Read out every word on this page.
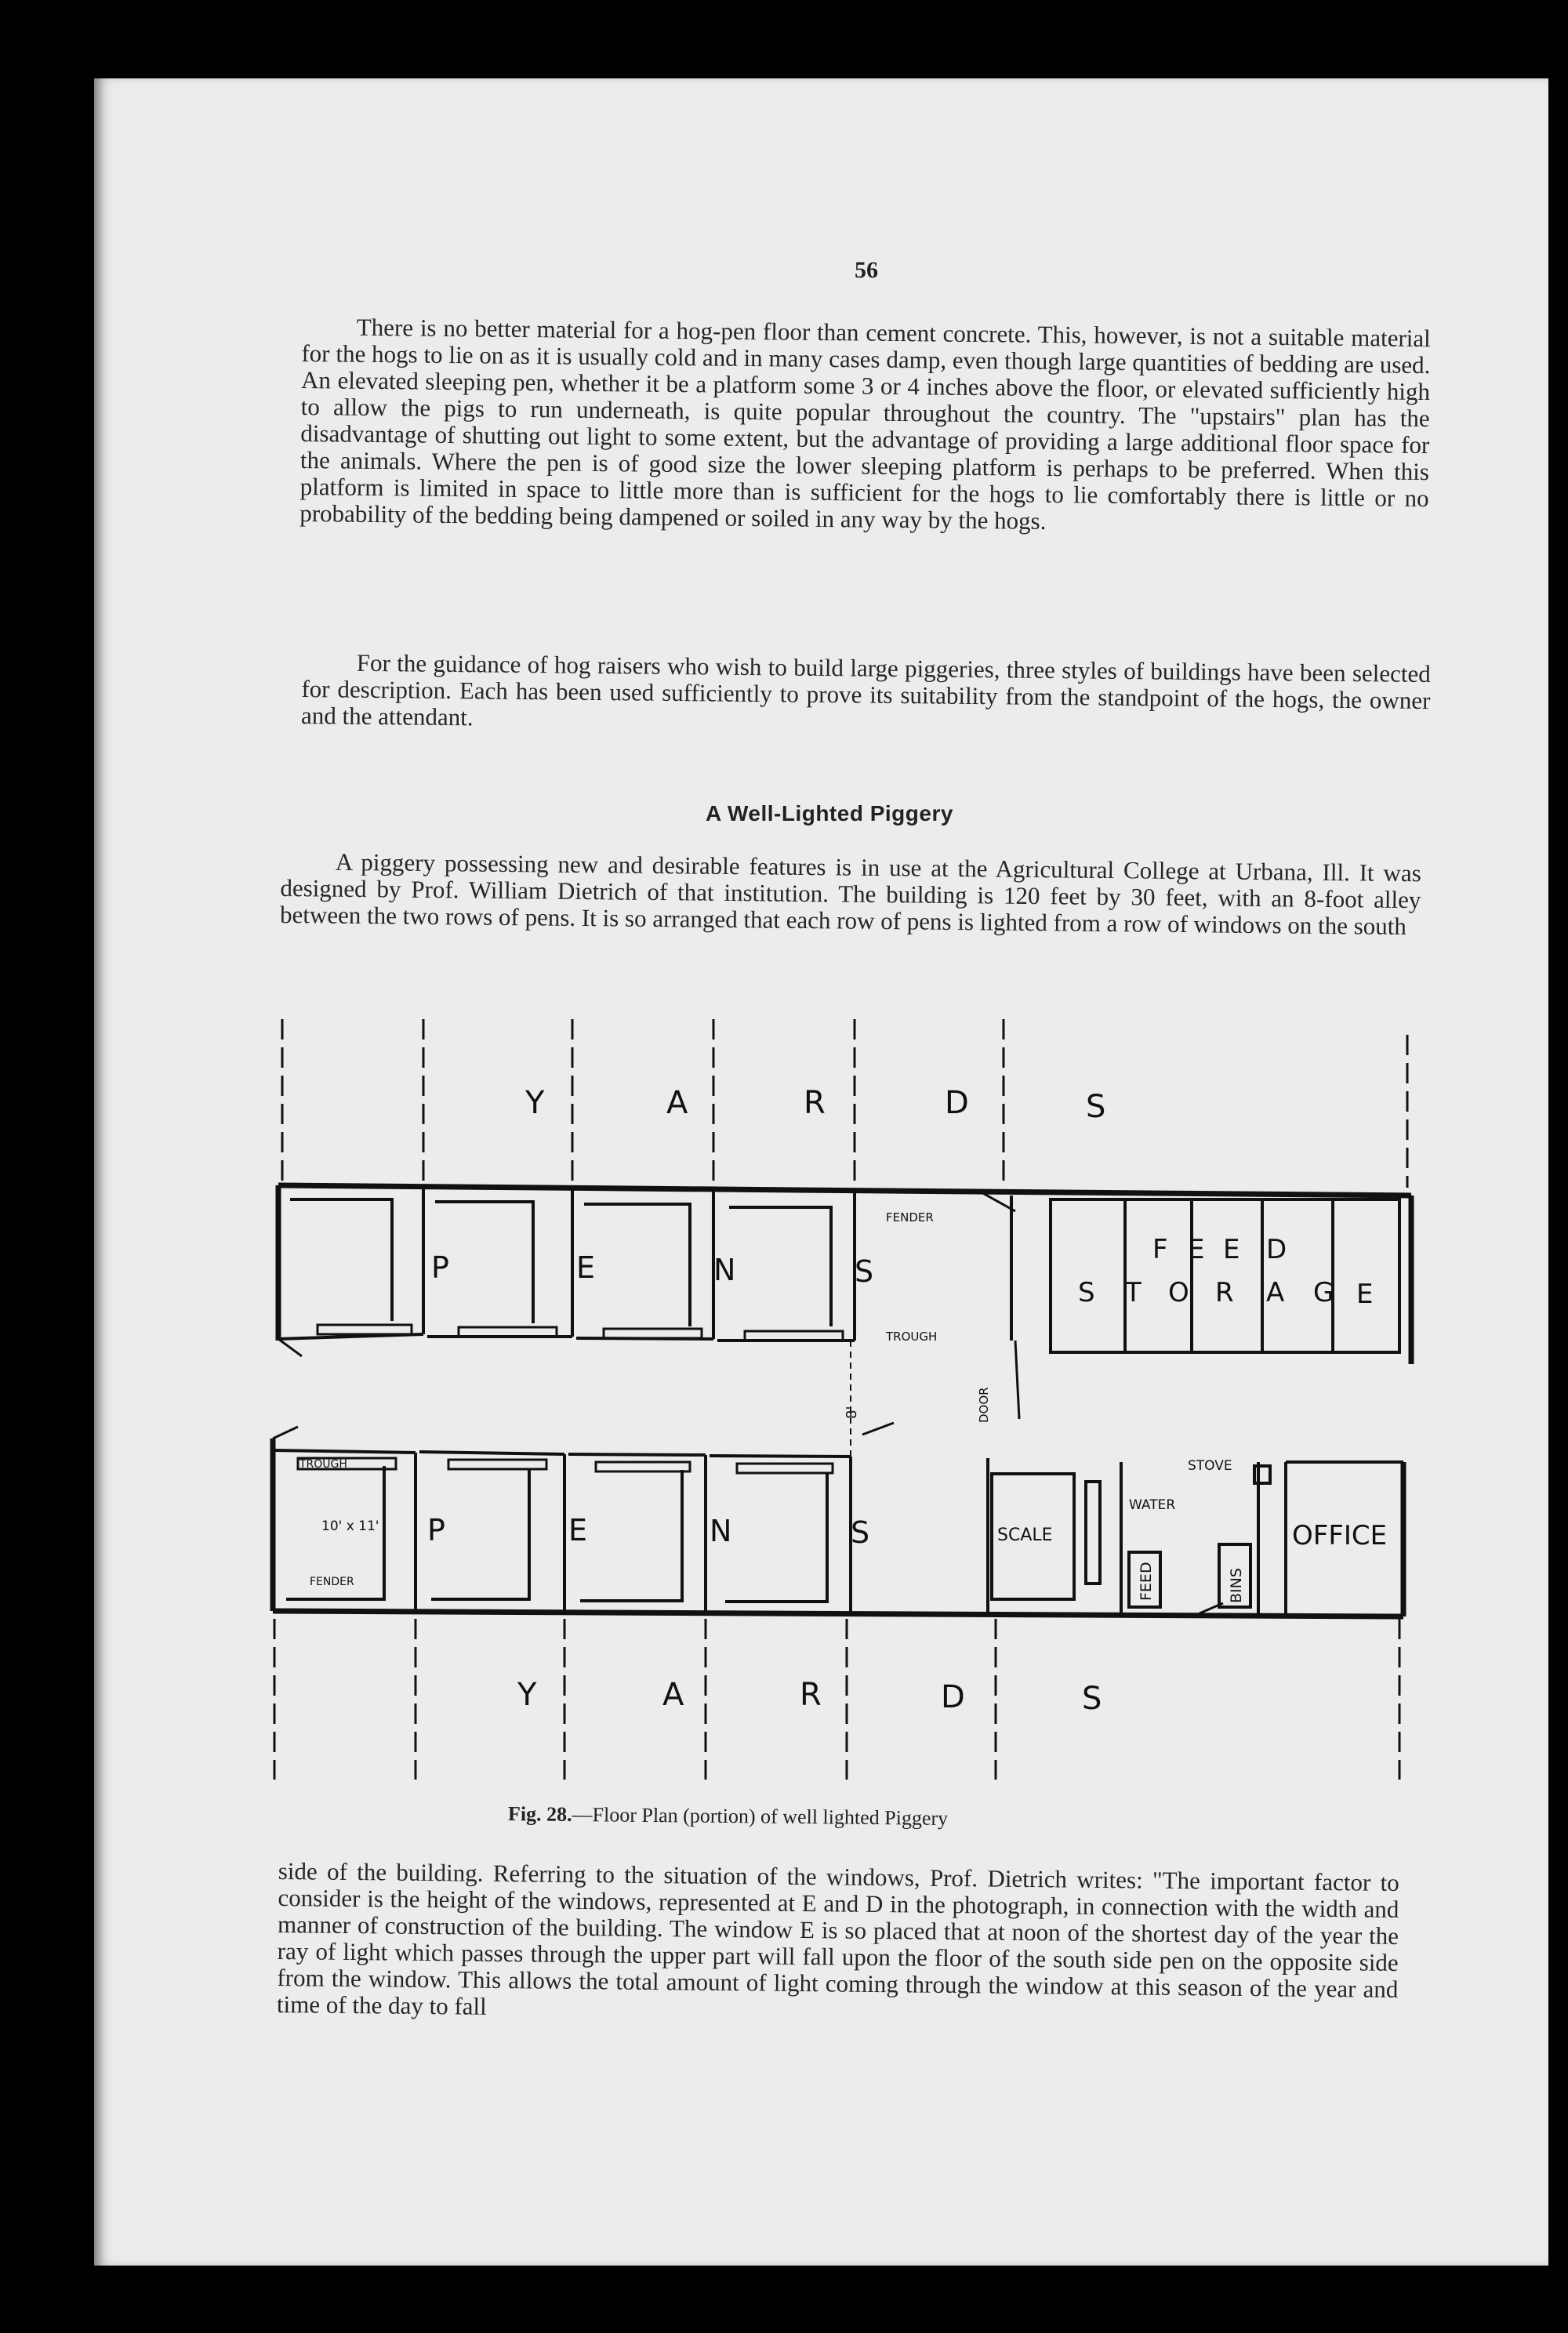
56

There is no better material for a hog-pen floor than cement concrete. This, however, is not a suitable material for the hogs to lie on as it is usually cold and in many cases damp, even though large quantities of bedding are used. An elevated sleeping pen, whether it be a platform some 3 or 4 inches above the floor, or elevated sufficiently high to allow the pigs to run underneath, is quite popular throughout the country. The "upstairs" plan has the disadvantage of shutting out light to some extent, but the advantage of providing a large additional floor space for the animals. Where the pen is of good size the lower sleeping platform is perhaps to be preferred. When this platform is limited in space to little more than is sufficient for the hogs to lie comfortably there is little or no probability of the bedding being dampened or soiled in any way by the hogs.

For the guidance of hog raisers who wish to build large piggeries, three styles of buildings have been selected for description. Each has been used sufficiently to prove its suitability from the standpoint of the hogs, the owner and the attendant.

A Well-Lighted Piggery

A piggery possessing new and desirable features is in use at the Agricultural College at Urbana, Ill. It was designed by Prof. William Dietrich of that institution. The building is 120 feet by 30 feet, with an 8-foot alley between the two rows of pens. It is so arranged that each row of pens is lighted from a row of windows on the south

Y	A	R	D	S
P	E	N	S
FENDER
TROUGH
F E E D
S T O R A G E
8'	DOOR
TROUGH
10' x 11'
FENDER
P	E	N	S	SCALE
STOVE
WATER
FEED	BINS
OFFICE
Y	A	R	D	S
Fig. 28.—Floor Plan (portion) of well lighted Piggery

side of the building. Referring to the situation of the windows, Prof. Dietrich writes: "The important factor to consider is the height of the windows, represented at E and D in the photograph, in connection with the width and manner of construction of the building. The window E is so placed that at noon of the shortest day of the year the ray of light which passes through the upper part will fall upon the floor of the south side pen on the opposite side from the window. This allows the total amount of light coming through the window at this season of the year and time of the day to fall
